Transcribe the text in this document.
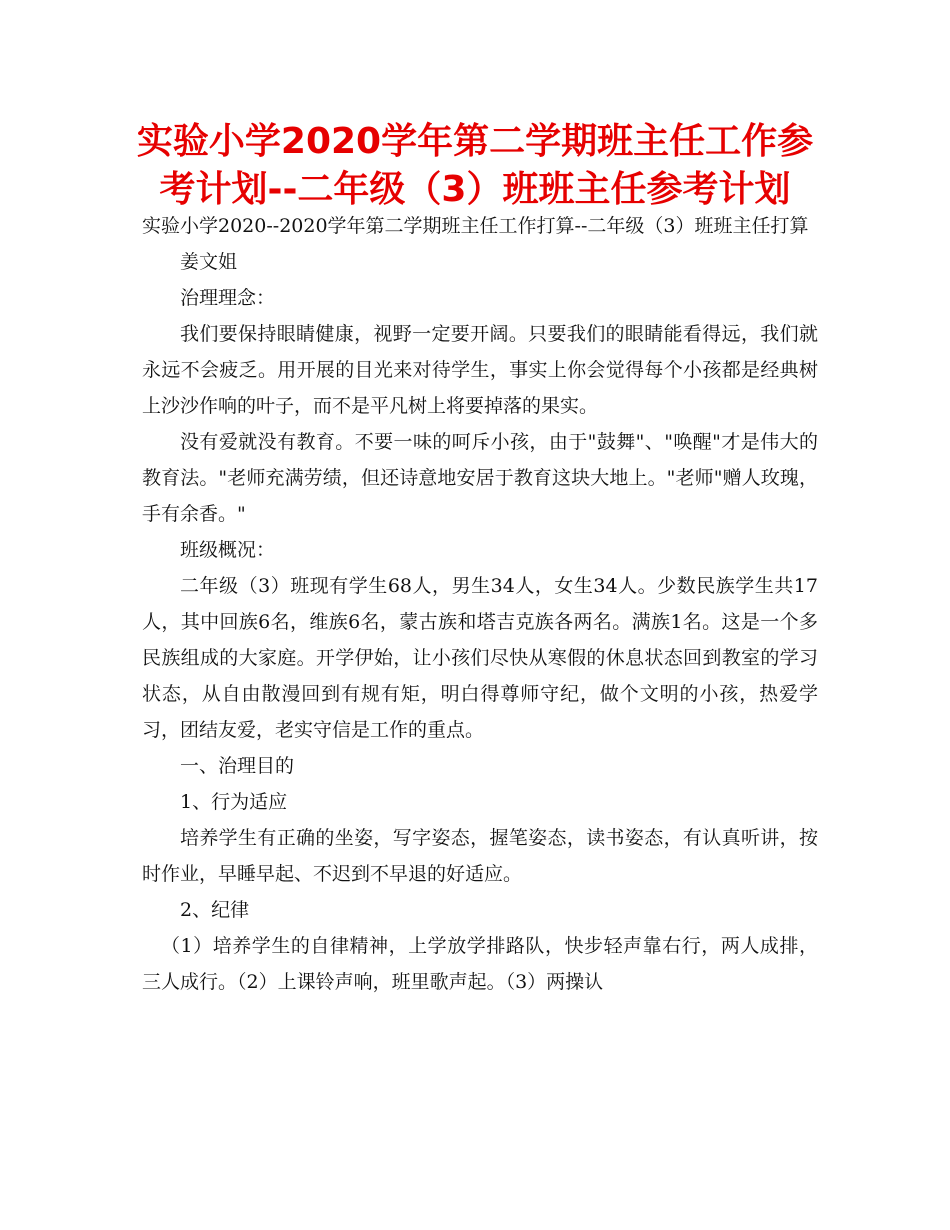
实验小学2020学年第二学期班主任工作参考计划--二年级（3）班班主任参考计划

实验小学2020--2020学年第二学期班主任工作打算--二年级（3）班班主任打算

姜文姐

治理理念：

我们要保持眼睛健康，视野一定要开阔。只要我们的眼睛能看得远，我们就永远不会疲乏。用开展的目光来对待学生，事实上你会觉得每个小孩都是经典树上沙沙作响的叶子，而不是平凡树上将要掉落的果实。

没有爱就没有教育。不要一味的呵斥小孩，由于"鼓舞"、"唤醒"才是伟大的教育法。"老师充满劳绩，但还诗意地安居于教育这块大地上。"老师"赠人玫瑰，手有余香。"

班级概况：

二年级（3）班现有学生68人，男生34人，女生34人。少数民族学生共17人，其中回族6名，维族6名，蒙古族和塔吉克族各两名。满族1名。这是一个多民族组成的大家庭。开学伊始，让小孩们尽快从寒假的休息状态回到教室的学习状态，从自由散漫回到有规有矩，明白得尊师守纪，做个文明的小孩，热爱学习，团结友爱，老实守信是工作的重点。

一、治理目的

1、行为适应

培养学生有正确的坐姿，写字姿态，握笔姿态，读书姿态，有认真听讲，按时作业，早睡早起、不迟到不早退的好适应。

2、纪律

（1）培养学生的自律精神，上学放学排路队，快步轻声靠右行，两人成排，三人成行。（2）上课铃声响，班里歌声起。（3）两操认
